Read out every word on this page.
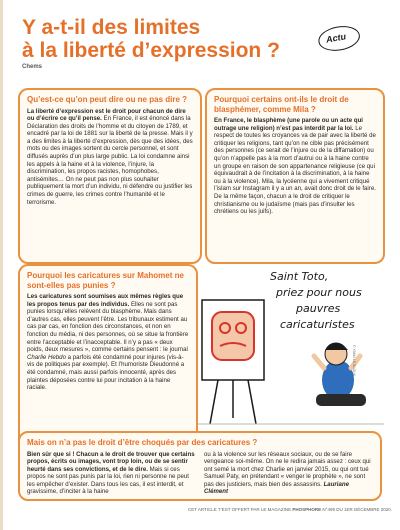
Y a-t-il des limites
à la liberté d’expression ?
Chems
Actu
Qu’est-ce qu’on peut dire ou ne pas dire ?

La liberté d’expression est le droit pour chacun de dire ou d’écrire ce qu’il pense. En France, il est énoncé dans la Déclaration des droits de l’homme et du citoyen de 1789, et encadré par la loi de 1881 sur la liberté de la presse. Mais il y a des limites à la liberté d’expression, dès que des idées, des mots ou des images sortent du cercle personnel, et sont diffusés auprès d’un plus large public. La loi condamne ainsi les appels à la haine et à la violence, l’injure, la discrimination, les propos racistes, homophobes, antisémites… On ne peut pas non plus souhaiter publiquement la mort d’un individu, ni défendre ou justifier les crimes de guerre, les crimes contre l’humanité et le terrorisme.

Pourquoi certains ont-ils le droit de blasphémer, comme Mila ?

En France, le blasphème (une parole ou un acte qui outrage une religion) n’est pas interdit par la loi. Le respect de toutes les croyances va de pair avec la liberté de critiquer les religions, tant qu’on ne cible pas précisément des personnes (ce serait de l’injure ou de la diffamation) ou qu’on n’appelle pas à la mort d’autrui ou à la haine contre un groupe en raison de son appartenance religieuse (ce qui équivaudrait à de l’incitation à la discrimination, à la haine ou à la violence). Mila, la lycéenne qui a vivement critiqué l’islam sur Instagram il y a un an, avait donc droit de le faire. De la même façon, chacun a le droit de critiquer le christianisme ou le judaïsme (mais pas d’insulter les chrétiens ou les juifs).

Pourquoi les caricatures sur Mahomet ne sont-elles pas punies ?

Les caricatures sont soumises aux mêmes règles que les propos tenus par des individus. Elles ne sont pas punies lorsqu’elles relèvent du blasphème. Mais dans d’autres cas, elles peuvent l’être. Les tribunaux estiment au cas par cas, en fonction des circonstances, et non en fonction du média, ni des personnes, où se situe la frontière entre l’acceptable et l’inacceptable. Il n’y a pas « deux poids, deux mesures », comme certains pensent : le journal Charlie Hebdo a parfois été condamné pour injures (vis-à-vis de politiques par exemple). Et l’humoriste Dieudonné a été condamné, mais aussi parfois innocenté, après des plaintes déposées contre lui pour incitation à la haine raciale.

Saint Toto,
priez pour nous
pauvres
caricaturistes
© YANN LE BLOUA
Mais on n’a pas le droit d’être choqués par des caricatures ?

Bien sûr que si ! Chacun a le droit de trouver que certains propos, écrits ou images, vont trop loin, ou de se sentir heurté dans ses convictions, et de le dire. Mais si ces propos ne sont pas punis par la loi, rien ni personne ne peut les empêcher d’exister. Dans tous les cas, il est interdit, et gravissime, d’inciter à la haine

ou à la violence sur les réseaux sociaux, ou de se faire vengeance soi-même. On ne le redira jamais assez : ceux qui ont semé la mort chez Charlie en janvier 2015, ou qui ont tué Samuel Paty, en prétendant « venger le prophète », ne sont pas des justiciers, mais bien des assassins. Lauriane Clément

CET ARTICLE T’EST OFFERT PAR LE MAGAZINE PHOSPHORE N°499 DU 1ER DÉCEMBRE 2020.
